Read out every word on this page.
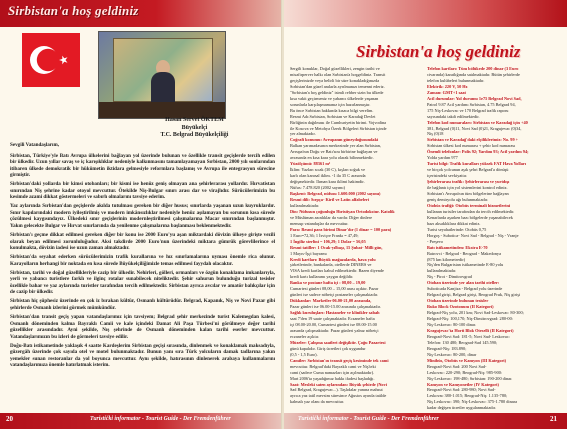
Sirbistan'a hoş geldiniz
Hasan Servet ÖKTEM
Büyükelçi
T.C. Belgrad Büyükelçiliği

Sevgili Vatandaşlarım,

Sirbistan, Türkiye'yle Batı Avrupa ülkelerini bağlayan yol üzerinde bulunan ve özellikle transit geçişlerde tercih edilen bir ülkedir. Uzun yıllar savaş ve iç karışıklıklar nedeniyle kalkınmasını tamamlayamayan Sırbistan, 2000 yılı sonlarından itibaren ülkede demokratik bir hükümetin iktidara gelmesiyle reformlara başlamış ve Avrupa ile entegrasyon sürecine girmiştir.

Sirbistan'daki yollarda bir kimsi otobanları; bir kismi ise henüz geniş olmayan ana şehirlerarası yollardır. Hırvatistan sınırından Niş şehrine kadar otoyol mevcuttur. Ötekilde Niş-Bulgar sınırı arası dar ve virajlıdır. Sürücülerimizin bu kesimde azami dikkat göstermeleri ve sabırlı olmalarını tavsiye ederim.

Yaz aylarında Sırbistan'dan geçişlerde akılda tutulması gereken bir diğer husus; sınırlarda yaşanan uzun kuyruklardır. Sınır kapılarındaki modern iyileştirilmiş ve modern imkânsızlıklar nedeniyle henüz aşılamayan bu sorunun kısa sürede çözülmesi kaygısındayız. Ülkedeki sınır geçişlerinin modernleştirilmesi çalışmalarına Macar sınırından başlanmıştır. Yakın gelecekte Bulgar ve Hırvat sınırlarında da yenilenme çalışmalarına başlanması beklenmektedir.

Sirbistan'ı geçme dikkat edilmesi gereken diğer bir konu ise 2000 Euro'yu aşan miktardaki dövizin ülkeye girişte vezili olarak beyan edilmesi zorunluluğudur. Aksi takdirde 2000 Euro'nun üzerindeki miktara gümrük görevlilerince el konulmakta, dövizin iadesi ise uzun zaman almaktadır.

Sirbistan'da seyahat ederken sürücülerimizin trafik kurallarına ve hız sınırlamalarına uyması önemle rica olunur. Karayolların herhangi bir noktada en kısa sürede Büyükelçiliğimizle temas edilmesi fayydalı olacaktır.

Sirbistan, tarihi ve doğal güzellikleriyle cazip bir ülkedir. Nehirleri, gölleri, ormanları ve özgün konaklama imkanlarıyla, yerli ve yabancı turistlere farklı ve ilginç rotalar sunabilecek niteliktedir. Şehir sahurun bulunduğu turizal tesisler özellikle bahar ve yaz aylarında turistler tarafından tercih edilmektedir. Sirbistan ayrıca avcılar ve amatör balıkçılar için de cazip bir ülkedir.

Sirbistan hiç şüphesiz üzerinde en çok iz bırakan kültür, Osmanlı kültürüdür. Belgrad, Kapanık, Niş ve Novi Pazar gibi şehirlerde Osmanlı izlerini görmek mümkündür.

Sirbistan'dan transit geçiş yapan vatandaşlarımız için tavsiyem; Belgrad şehir merkezinde turist Kalemegdan kalesi, Osmanlı döneminden kalma Bayraklı Camii ve kale içindeki Damat Ali Paşa Türbesi'ni görülmeye değer tarihi güzellikler arasındadır. Ayni şekilde, Nış şehrinde de Osmanlı döneminden kalan tarihi eserler mevcuttur. Vatandaşlarımızın bu izleri de görmeleri tavsiye edilir.

Doğu-Batı istikametinde yaklaşık 4 saatte Kardeşlerim Sirbistan geçişi sırasında, dinlenmek ve konaklamak maksadıyla, güzergâh üzerinde çok sayıda otel ve motel bulunmaktadır. Bunun yanı sıra Türk yolcuların damak tadlarına yakın yemekler sunan restoranlar da yol boyunca mevcuttur. Aynı şekilde, hatırasının dinlenerek arabaya kullanmalarını vatandaşlarımıza önemle hatırlatmak isterim.

20	Turistički informator - Tourist Guide - Der Fremdenführer
Sirbistan'a hoş geldiniz
Sergili konuklar, Doğal güzellikleri, zengin tarihi ve
misafirperver halkı olan Sırbistan'a hoşgeldiniz. Transit
geçişlerinizde veya belirli bir süre konakladığınızda
Sırbistan'dan güzel anılarla ayrılmanızı temenni ederiz.
"Sırbistan'a hoş geldiniz" isimli rehber sizin bu ülkede
kısa vakit geçirmeniz ve yabancı ülkelerde yaşanan
sorunlarla karşılaşmamanız için hazırlanmıştır.
Bu önce Sırbistan hakkında kısaca bilgi verelim.
Resmi Adı:Sırbistan, Sırbistan ve Karadağ Devlet
Birliğinin dağılması ile Cumhuriyetin birimi. Vojvodina
ile Kosova ve Metohya Özerk Bölgeleri Sirbistan içinde
yer almaktadır.
Coğrafi konumu: Avrupanın güneydoğusundaki
Balkan yarımadasının merkezinde yer alan Sırbistan,
Avrupa'nın Doğu ve Batı'sını birbirine bağlayan ve
avrasında en kısa kara yolu olarak bilinmektedir.
Yüzölçümü: 88361 m²
İklim: Yazları sıcak (30 C), kışları soğuk ve
karlı olan karasal iklim. -1 ila 35 C arasında
değişmektedir. Ilıman kara iklimi hakimdir.
Nüfus: 7.478.820 (2002 sayımı)
Başkent: Belgrad, nüfusu 1.600.000 (2002 sayımı)
Resmi dili: Sırpça- Kiril ve Latin alfabeleri
kullanılmaktadır.
Din: Nüfusun çoğunluğu Hıristiyan Ortodokstur. Katolik
ve Müslüman azınlıklar da vardır. Diğer dinlere
mensup vatandaşlar da mevcuttur.
Para: Resmi para birimi Dinar'dır (1 dinar = 100 para)
1 Euro=72,36; 1 İsviçre Frankı = 47,49;
1 İngiliz sterlini = 106,29; 1 Dolar = 56,05
Resmi tatiller: 1 Ocak-yılbaşı, 15 Şubat- Milli gün,
1 Mayıs-İşçi bayramı
Kredi kartları: Büyük mağazalarda, hava yolu
şirketlerinde, bankalarda, otellerde DINERS ve
VISA kredi kartları kabul edilmektedir. Bazen diyende
kredi kartı kullanımı yaygın değildir.
Banka ve postane hafta içi : 08,00 – 19,00
Cumartesi günleri 08,00 – 15,00 arası açıktır. Pazar
günleri ise sadece nöbetçi postaneler çalışmaktadır.
Dükkanlar: Marketler 06.00-21,00 arasında,
Pazar günleri ise 06.00-15.00 arasında çalışmaktadır.
Sağlık kuruluşları: Hastaneler ve klinikler sabah
saat 7'den 19 saate çalışmaktadır. Eczaneler hafta
içi 08.00-20.00, Cumartesi günleri ise 08.00-15.00
arasında çalışmaktadır. Pazar günleri yalnız nöbetçi
eczaneler açıktır.
Müzeler: Çalışma saatleri değişiktir. Çoğu Pazartesi
günü kapalıdır. Giriş ücretleri çok uygundur
(0,5 - 1,5 Euro).
Camiler: Sırbistan'ın transit geçiş kesiminde tek cami
mevcuttur. Belgrad'daki Bayraklı cami ve Niş'teki
cami (sadece Cuma namazları için açılmaktadır).
Mart 2006'ta yaşadığımız hakkı ifadesi başladığı.
Saat: Mesleki saten aylarından: Büyük şehirde (Novi
Sad Belgrad, Kragujevac...). Taşlıdalar yanına mahsut
ayrıca yaz tatil mevsim süresince Ağustos ayında tatilde
kalmalı yaz olanı da mevcuttur.
Telefon kartları: Tüm bölükede 200 dinar (3 Euro
civarında) karatlığında satılmaktadır. Bütün şehirlerde
telefon kulübeleri bulunmaktadır.
Elektrik: 220 V, 50 Hz
Zaman: GMT+1 saat
Acil durumlar: Yol durumu 1e75 Belgrad Novi Sad,
Patrol 9.87 Acil yardımı Sırbistan, 4.75 Belgrad 94,
175 Niş-Leskovac ve 170 Belgrad trafik raporu
sayısındaki takdi edilmektedir.
Telefon kod numaraları: Sirbistan ve Karadağ için +40
381, Belgrad (0)11, Novi Sad (0)21, Kragujevac (0)34,
Niş (0)18
Sirbistan ve Karadağ'daki elçiliklerimiz: No. 99 +
Sirbistan ülkesi kod numarası + şehir kod numarası
Önemli telefonlar: Polis 92; Yardım 93; Acil yardım 94;
Yolda yardım 977
Turist bilgi: Trafik kuralları yüksek FAT Hava Yolları
ve birçok yolcunun aşık şehri Belgrad'a dönüşü
içerisindeki sevkiyattır.
Şehirlerarası trafik: Şehirlerarası ve yurtdışı
ile bağlantı için yol sistemlerini kontrol ediniz.
Sirbistan'ı Avrupa'nın tüm bölgelerine bağlayan
geniş demiryolu ağı bulunmaktadır.
Otobüs trafiği: Otobüs terminali hizmetlerini
kullanan turistler tarafından da tercih edilmektedir.
Kenarlarda aşarken bazı bölgelerde yaşanabilecek
bazı aksaklıklara dikkat ediniz.
Turist seyahatlerinde: Otobüs 0,75
Horgoş - Subotica- Novi Sad - Belgrad - Niş - Vranje
- Preşevo
Batı istikametinden: Ekstra E-70
Batrovci - Belgrad - Beograd - Makedonya
(875 km kilometredir)
Niş'den Bulgaristan istikametinde E-80 yolu
kullanılmaktadır.
Niş - Pirot - Dimitrovgrad
Otoban üzerinde yer alan tarihi oteller:
Suboticada Kanjiza - Belgrad yolu üzerinde
Belgrad girişi, Belgrad girişi, Beograd Pruk, Niş girişi
Otoban üzerinde bulunan tesisler
Ruko Block Ozotonum (II Kategori)
Belgrad-Niş yolu, 201 km; Novi Sad-Leskovac: 80-300;
Belgrad-Niş: 100,170; Niş-Dimitrovgrad: 280-00:
Niş-Leskovac: 80-100 dinar.
Kragujevac'ta Horti Blok Oteselli (II Kategori)
Beograd-Novi Sad: 181-5; Novi Sad- Leskovac:
Telefon: 130 480; Beograd-Sad 145.590;
Beograd-Niş: 183.890;
Niş-Leskovac: 80-200, dinar
Minibüs, Otobüs ve Kamyon (III Kategori)
Beograd-Novi Sad: 200 Novi Sad-
Leskovac: 220-290; Beograd-Niş: 985-900:
Niş-Leskovac: 198-480; Sırbistan: 190-200 dinar.
Kamyon ve Kamyonetler (IV Kategori)
Beograd-Novi Sad: 280-980; Novi Sad-
Leskovac 380-1.015; Beograd-Niş: 1.135-780;
Niş Leskovac: 390; Niş-Leskovac: 375-1.780 dinara
kadar değişen ücretler uygulanmaktadır.
Turistički informator - Tourist Guide - Der Fremdenführer	21
